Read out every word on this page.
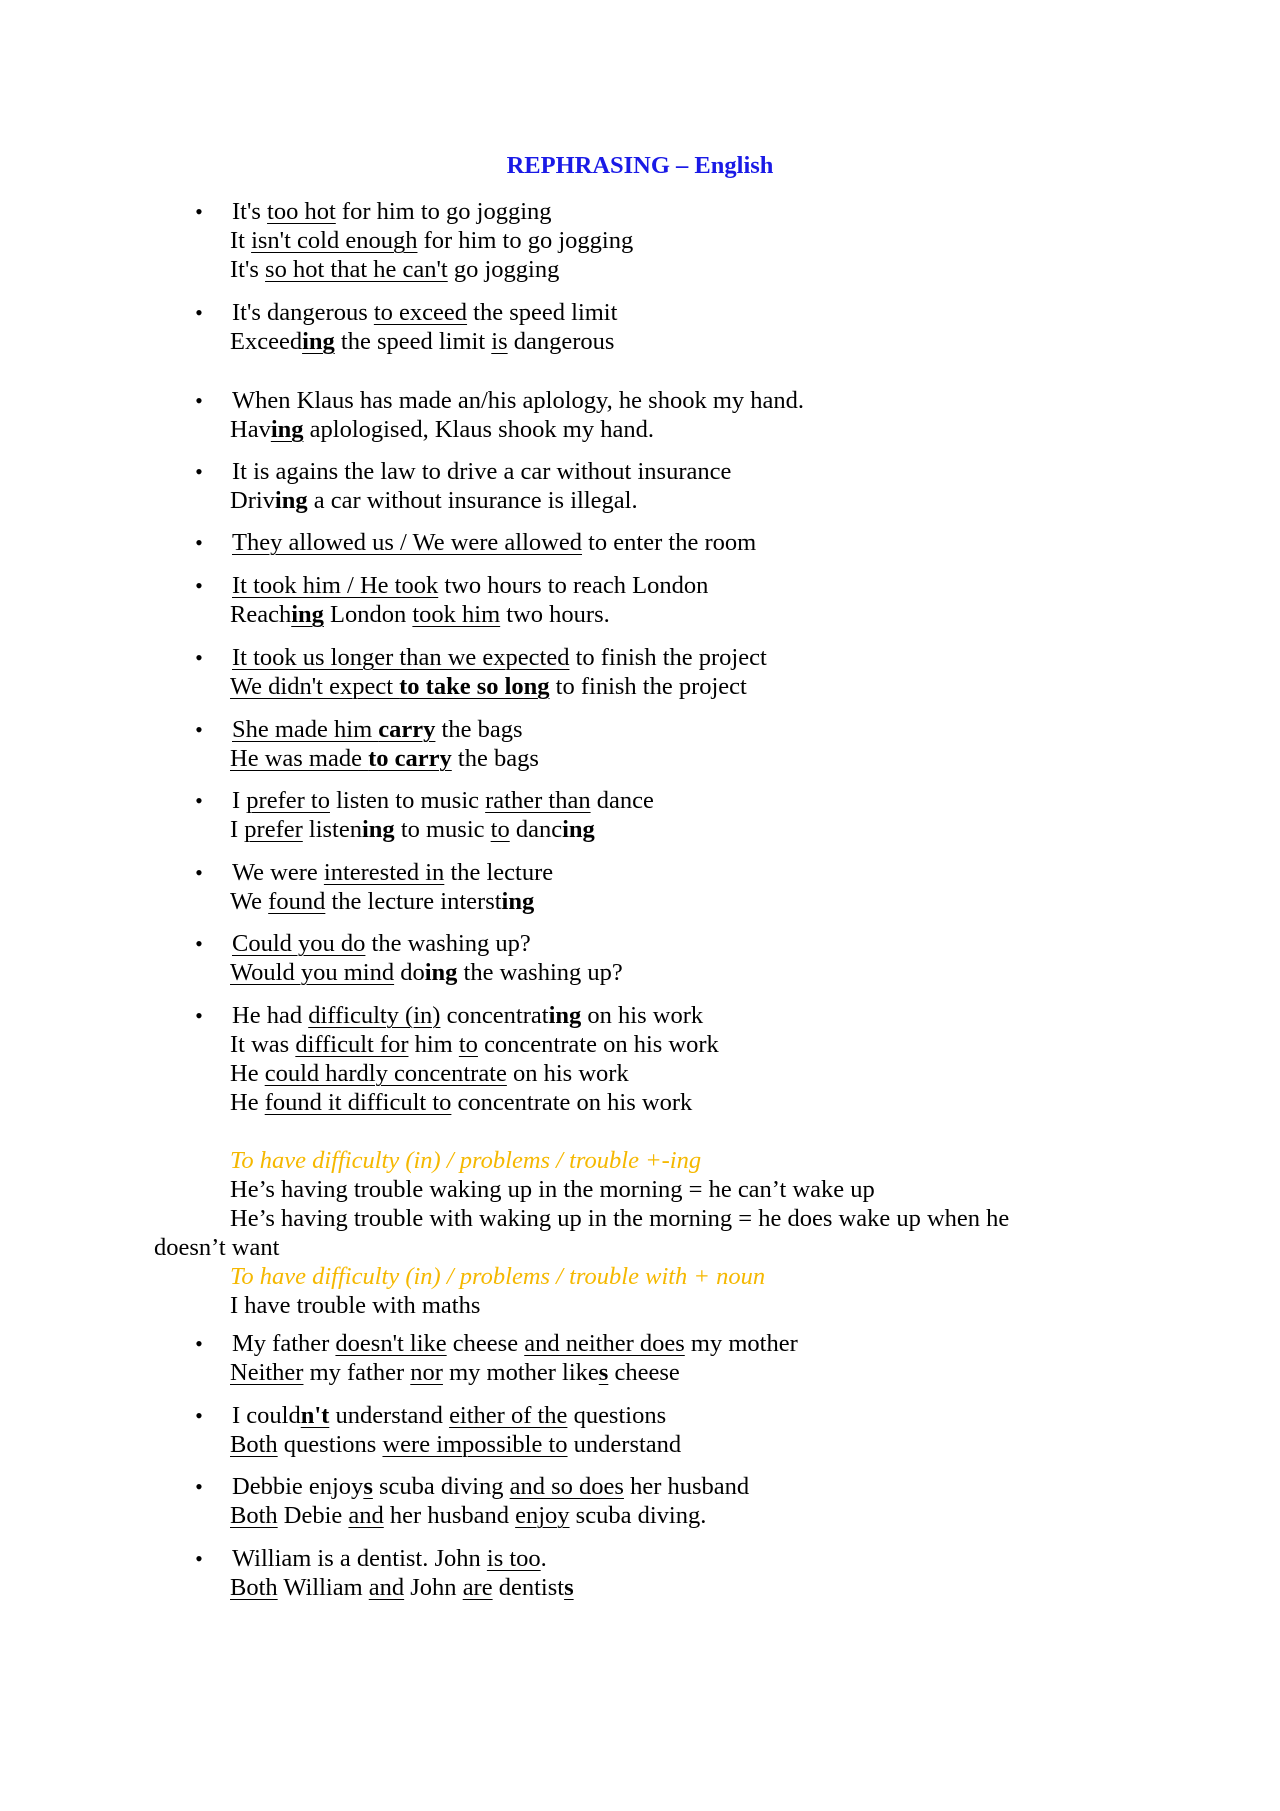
REPHRASING – English
• It's too hot for him to go jogging
It isn't cold enough for him to go jogging
It's so hot that he can't go jogging
• It's dangerous to exceed the speed limit
Exceeding the speed limit is dangerous
• When Klaus has made an/his aplology, he shook my hand.
Having aplologised, Klaus shook my hand.
• It is agains the law to drive a car without insurance
Driving a car without insurance is illegal.
• They allowed us / We were allowed to enter the room
• It took him / He took two hours to reach London
Reaching London took him two hours.
• It took us longer than we expected to finish the project
We didn't expect to take so long to finish the project
• She made him carry the bags
He was made to carry the bags
• I prefer to listen to music rather than dance
I prefer listening to music to dancing
• We were interested in the lecture
We found the lecture intersting
• Could you do the washing up?
Would you mind doing the washing up?
• He had difficulty (in) concentrating on his work
It was difficult for him to concentrate on his work
He could hardly concentrate on his work
He found it difficult to concentrate on his work
• My father doesn't like cheese and neither does my mother
Neither my father nor my mother likes cheese
• I couldn't understand either of the questions
Both questions were impossible to understand
• Debbie enjoys scuba diving and so does her husband
Both Debie and her husband enjoy scuba diving.
• William is a dentist. John is too.
Both William and John are dentists
To have difficulty (in) / problems / trouble +-ing
He’s having trouble waking up in the morning = he can’t wake up
He’s having trouble with waking up in the morning = he does wake up when he
doesn’t want
To have difficulty (in) / problems / trouble with + noun
I have trouble with maths
